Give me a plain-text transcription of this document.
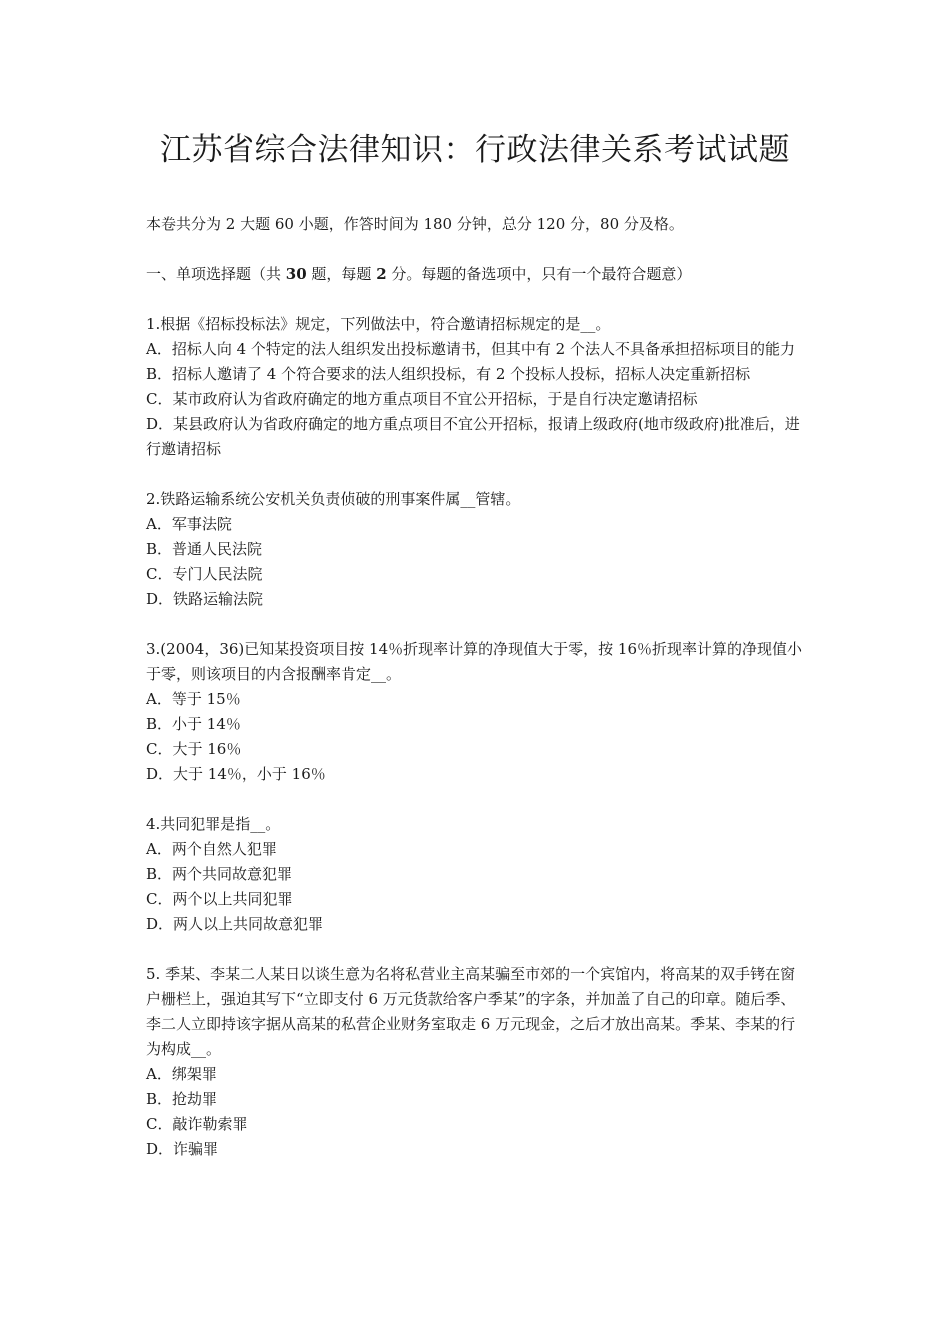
江苏省综合法律知识：行政法律关系考试试题

本卷共分为 2 大题 60 小题，作答时间为 180 分钟，总分 120 分，80 分及格。

一、单项选择题（共 30 题，每题 2 分。每题的备选项中，只有一个最符合题意）

1.根据《招标投标法》规定，下列做法中，符合邀请招标规定的是__。

A．招标人向 4 个特定的法人组织发出投标邀请书，但其中有 2 个法人不具备承担招标项目的能力

B．招标人邀请了 4 个符合要求的法人组织投标，有 2 个投标人投标，招标人决定重新招标

C．某市政府认为省政府确定的地方重点项目不宜公开招标，于是自行决定邀请招标

D．某县政府认为省政府确定的地方重点项目不宜公开招标，报请上级政府(地市级政府)批准后，进行邀请招标

2.铁路运输系统公安机关负责侦破的刑事案件属__管辖。

A．军事法院

B．普通人民法院

C．专门人民法院

D．铁路运输法院

3.(2004，36)已知某投资项目按 14％折现率计算的净现值大于零，按 16％折现率计算的净现值小于零，则该项目的内含报酬率肯定__。

A．等于 15％

B．小于 14％

C．大于 16％

D．大于 14％，小于 16％

4.共同犯罪是指__。

A．两个自然人犯罪

B．两个共同故意犯罪

C．两个以上共同犯罪

D．两人以上共同故意犯罪

5. 季某、李某二人某日以谈生意为名将私营业主高某骗至市郊的一个宾馆内，将高某的双手铐在窗户栅栏上，强迫其写下“立即支付 6 万元货款给客户季某”的字条，并加盖了自己的印章。随后季、李二人立即持该字据从高某的私营企业财务室取走 6 万元现金，之后才放出高某。季某、李某的行为构成__。

A．绑架罪

B．抢劫罪

C．敲诈勒索罪

D．诈骗罪
